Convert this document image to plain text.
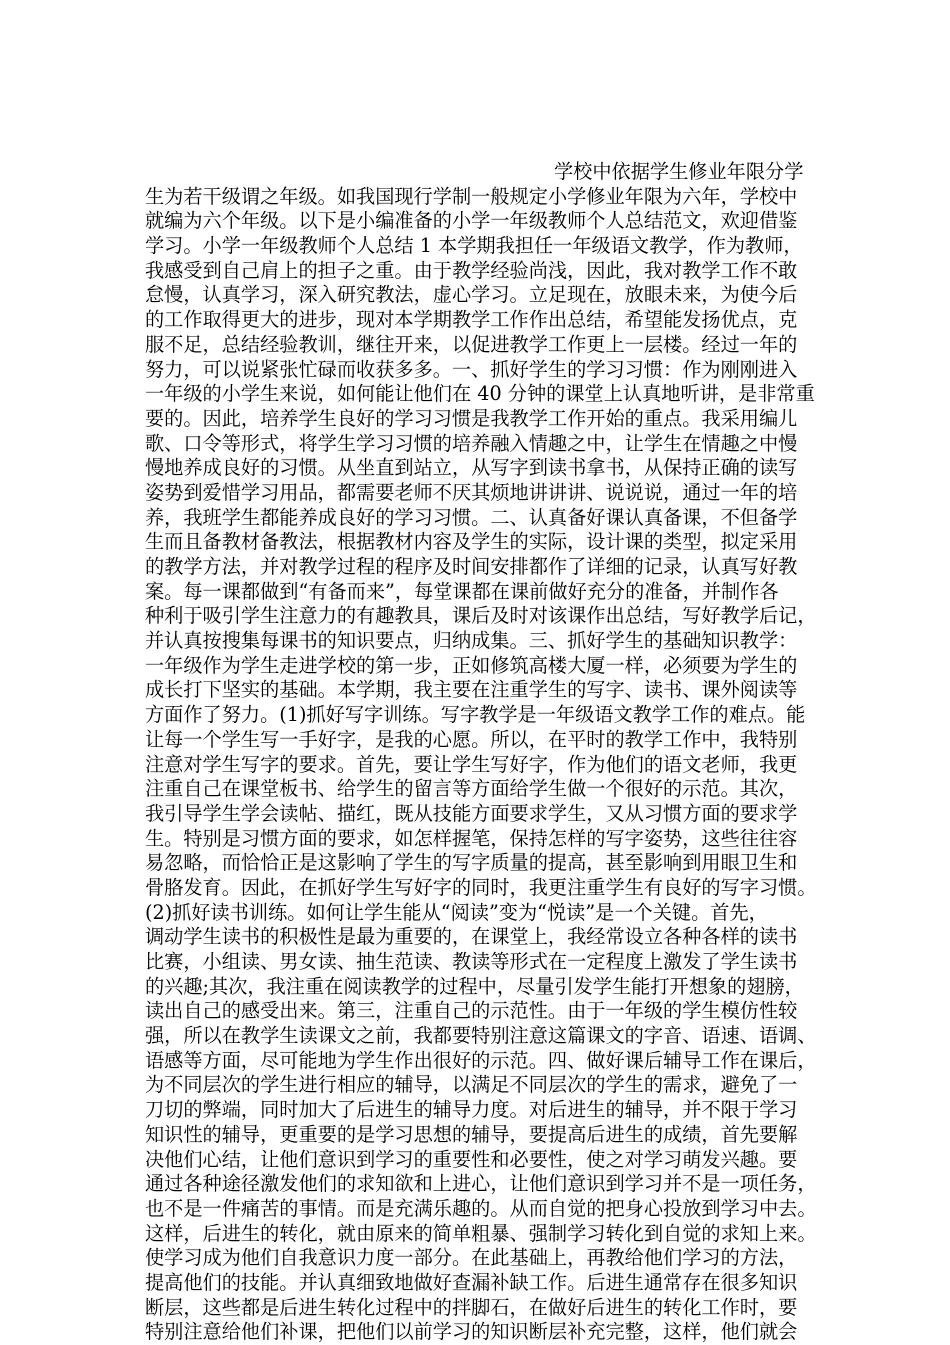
学校中依据学生修业年限分学
生为若干级谓之年级。如我国现行学制一般规定小学修业年限为六年，学校中
就编为六个年级。以下是小编准备的小学一年级教师个人总结范文，欢迎借鉴
学习。小学一年级教师个人总结 1 本学期我担任一年级语文教学，作为教师，
我感受到自己肩上的担子之重。由于教学经验尚浅，因此，我对教学工作不敢
怠慢，认真学习，深入研究教法，虚心学习。立足现在，放眼未来，为使今后
的工作取得更大的进步，现对本学期教学工作作出总结，希望能发扬优点，克
服不足，总结经验教训，继往开来，以促进教学工作更上一层楼。经过一年的
努力，可以说紧张忙碌而收获多多。一、抓好学生的学习习惯：作为刚刚进入
一年级的小学生来说，如何能让他们在 40 分钟的课堂上认真地听讲，是非常重
要的。因此，培养学生良好的学习习惯是我教学工作开始的重点。我采用编儿
歌、口令等形式，将学生学习习惯的培养融入情趣之中，让学生在情趣之中慢
慢地养成良好的习惯。从坐直到站立，从写字到读书拿书，从保持正确的读写
姿势到爱惜学习用品，都需要老师不厌其烦地讲讲讲、说说说，通过一年的培
养，我班学生都能养成良好的学习习惯。二、认真备好课认真备课，不但备学
生而且备教材备教法，根据教材内容及学生的实际，设计课的类型，拟定采用
的教学方法，并对教学过程的程序及时间安排都作了详细的记录，认真写好教
案。每一课都做到“有备而来”，每堂课都在课前做好充分的准备，并制作各
种利于吸引学生注意力的有趣教具，课后及时对该课作出总结，写好教学后记，
并认真按搜集每课书的知识要点，归纳成集。三、抓好学生的基础知识教学：
一年级作为学生走进学校的第一步，正如修筑高楼大厦一样，必须要为学生的
成长打下坚实的基础。本学期，我主要在注重学生的写字、读书、课外阅读等
方面作了努力。(1)抓好写字训练。写字教学是一年级语文教学工作的难点。能
让每一个学生写一手好字，是我的心愿。所以，在平时的教学工作中，我特别
注意对学生写字的要求。首先，要让学生写好字，作为他们的语文老师，我更
注重自己在课堂板书、给学生的留言等方面给学生做一个很好的示范。其次，
我引导学生学会读帖、描红，既从技能方面要求学生，又从习惯方面的要求学
生。特别是习惯方面的要求，如怎样握笔，保持怎样的写字姿势，这些往往容
易忽略，而恰恰正是这影响了学生的写字质量的提高，甚至影响到用眼卫生和
骨胳发育。因此，在抓好学生写好字的同时，我更注重学生有良好的写字习惯。
(2)抓好读书训练。如何让学生能从“阅读”变为“悦读”是一个关键。首先，
调动学生读书的积极性是最为重要的，在课堂上，我经常设立各种各样的读书
比赛，小组读、男女读、抽生范读、教读等形式在一定程度上激发了学生读书
的兴趣;其次，我注重在阅读教学的过程中，尽量引发学生能打开想象的翅膀，
读出自己的感受出来。第三，注重自己的示范性。由于一年级的学生模仿性较
强，所以在教学生读课文之前，我都要特别注意这篇课文的字音、语速、语调、
语感等方面，尽可能地为学生作出很好的示范。四、做好课后辅导工作在课后，
为不同层次的学生进行相应的辅导，以满足不同层次的学生的需求，避免了一
刀切的弊端，同时加大了后进生的辅导力度。对后进生的辅导，并不限于学习
知识性的辅导，更重要的是学习思想的辅导，要提高后进生的成绩，首先要解
决他们心结，让他们意识到学习的重要性和必要性，使之对学习萌发兴趣。要
通过各种途径激发他们的求知欲和上进心，让他们意识到学习并不是一项任务，
也不是一件痛苦的事情。而是充满乐趣的。从而自觉的把身心投放到学习中去。
这样，后进生的转化，就由原来的简单粗暴、强制学习转化到自觉的求知上来。
使学习成为他们自我意识力度一部分。在此基础上，再教给他们学习的方法，
提高他们的技能。并认真细致地做好查漏补缺工作。后进生通常存在很多知识
断层，这些都是后进生转化过程中的拌脚石，在做好后进生的转化工作时，要
特别注意给他们补课，把他们以前学习的知识断层补充完整，这样，他们就会
